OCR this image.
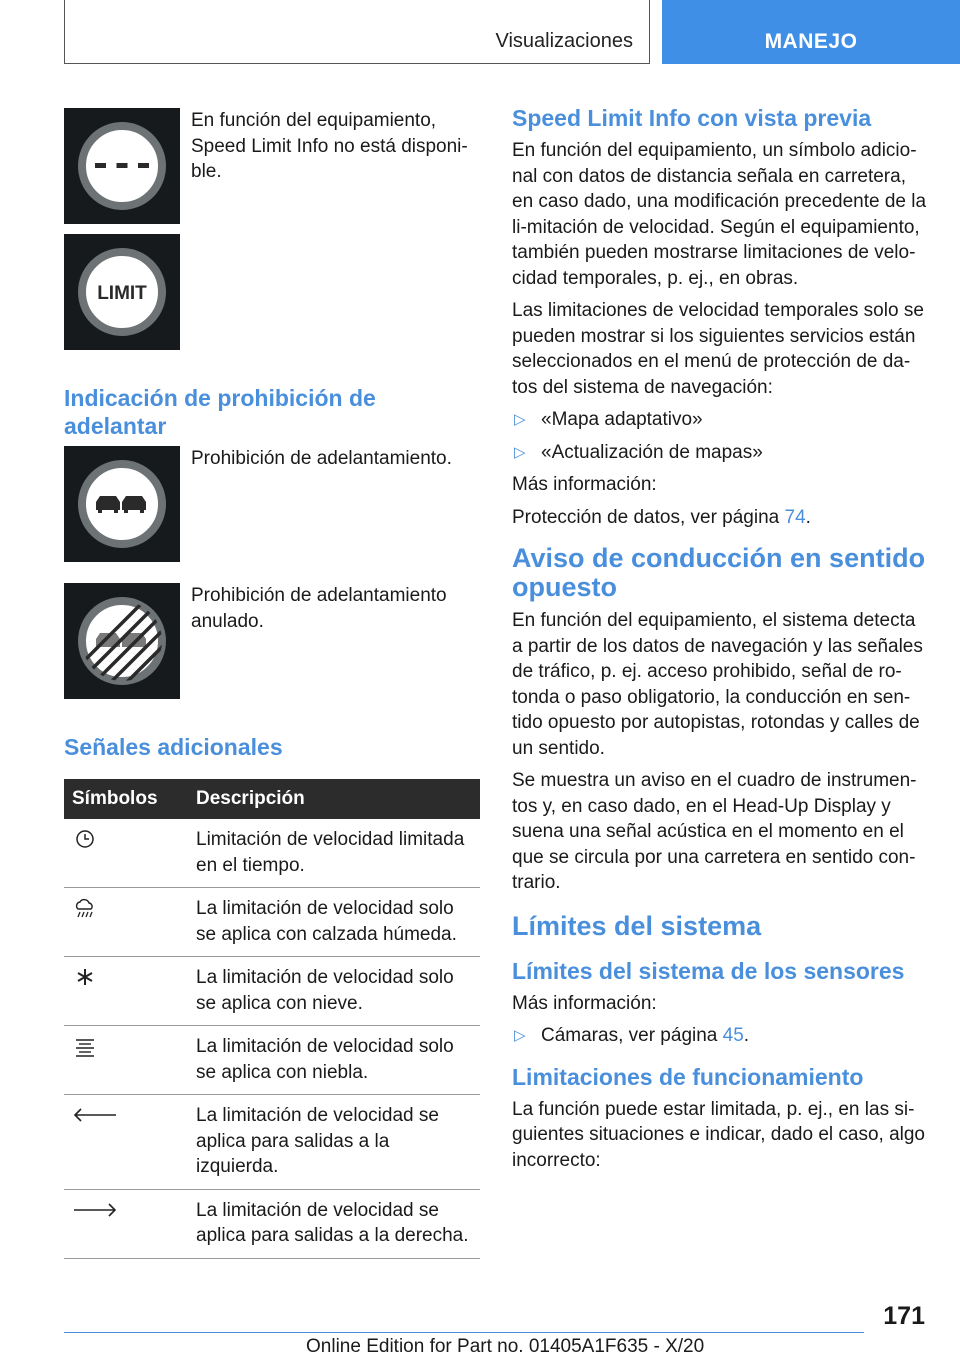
Visualizaciones	MANEJO
En función del equipamiento, Speed Limit Info no está disponi-ble.
LIMIT
Indicación de prohibición de adelantar
Prohibición de adelantamiento.
Prohibición de adelantamiento anulado.
Señales adicionales
Símbolos	Descripción

	Limitación de velocidad limitada en el tiempo.

	La limitación de velocidad solo se aplica con calzada húmeda.

	La limitación de velocidad solo se aplica con nieve.

	La limitación de velocidad solo se aplica con niebla.

	La limitación de velocidad se aplica para salidas a la izquierda.

	La limitación de velocidad se aplica para salidas a la derecha.
Speed Limit Info con vista previa
En función del equipamiento, un símbolo adicio-nal con datos de distancia señala en carretera, en caso dado, una modificación precedente de la li-mitación de velocidad. Según el equipamiento, también pueden mostrarse limitaciones de velo-cidad temporales, p. ej., en obras.
Las limitaciones de velocidad temporales solo se pueden mostrar si los siguientes servicios están seleccionados en el menú de protección de da-tos del sistema de navegación:
▷ «Mapa adaptativo»
▷ «Actualización de mapas»
Más información:
Protección de datos, ver página 74.
Aviso de conducción en sentido opuesto
En función del equipamiento, el sistema detecta a partir de los datos de navegación y las señales de tráfico, p. ej. acceso prohibido, señal de ro-tonda o paso obligatorio, la conducción en sen-tido opuesto por autopistas, rotondas y calles de un sentido.
Se muestra un aviso en el cuadro de instrumen-tos y, en caso dado, en el Head-Up Display y suena una señal acústica en el momento en el que se circula por una carretera en sentido con-trario.
Límites del sistema
Límites del sistema de los sensores
Más información:
▷ Cámaras, ver página 45.
Limitaciones de funcionamiento
La función puede estar limitada, p. ej., en las si-guientes situaciones e indicar, dado el caso, algo incorrecto:
171
Online Edition for Part no. 01405A1F635 - X/20
